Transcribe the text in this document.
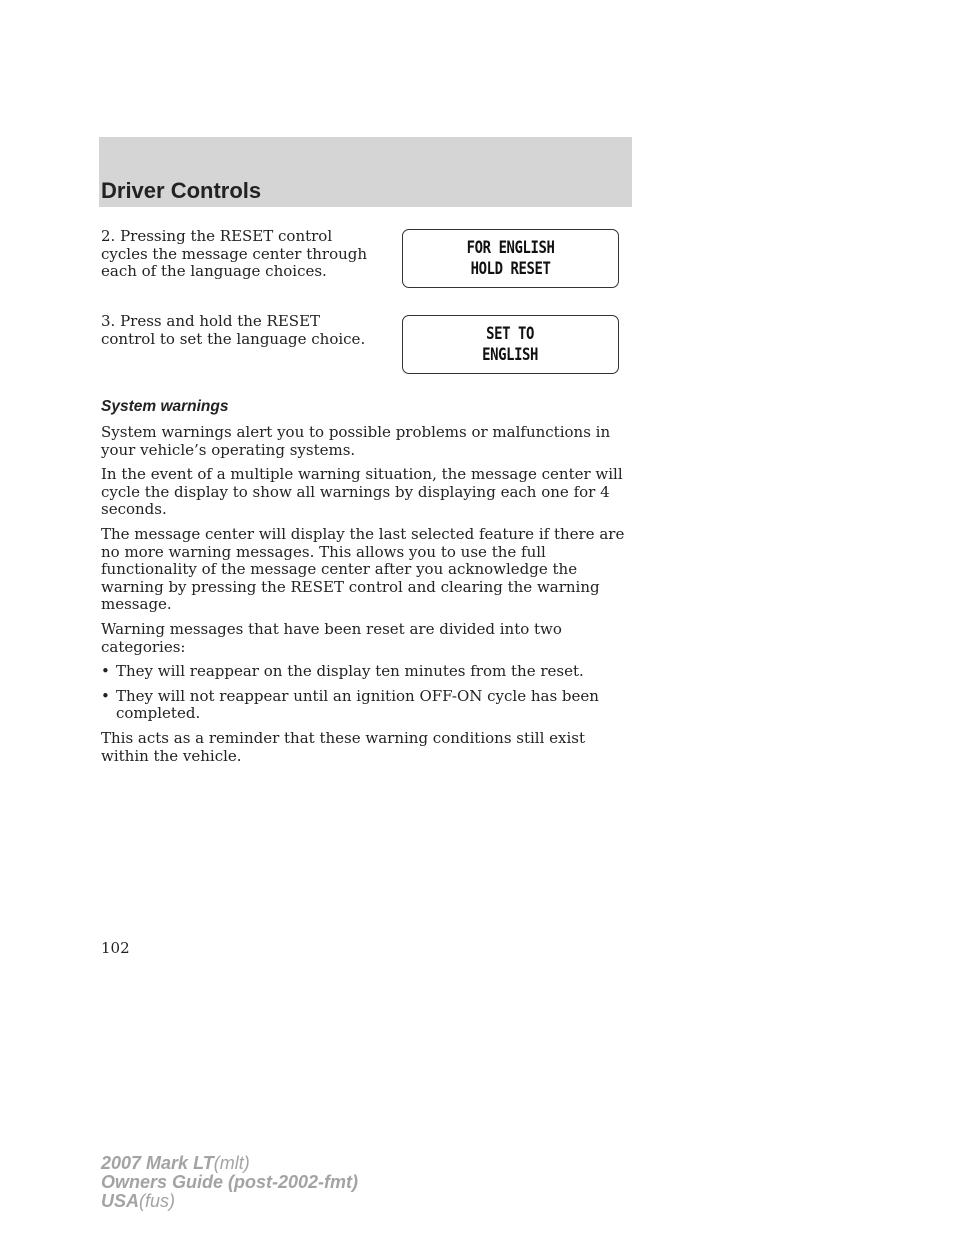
Driver Controls

2. Pressing the RESET control cycles the message center through each of the language choices.

3. Press and hold the RESET control to set the language choice.

FOR ENGLISH
HOLD RESET
SET TO
ENGLISH
System warnings

System warnings alert you to possible problems or malfunctions in your vehicle’s operating systems.

In the event of a multiple warning situation, the message center will cycle the display to show all warnings by displaying each one for 4 seconds.

The message center will display the last selected feature if there are no more warning messages. This allows you to use the full functionality of the message center after you acknowledge the warning by pressing the RESET control and clearing the warning message.

Warning messages that have been reset are divided into two categories:

• They will reappear on the display ten minutes from the reset.
• They will not reappear until an ignition OFF-ON cycle has been completed.

This acts as a reminder that these warning conditions still exist within the vehicle.

102

2007 Mark LT(mlt)
Owners Guide (post-2002-fmt)
USA(fus)
